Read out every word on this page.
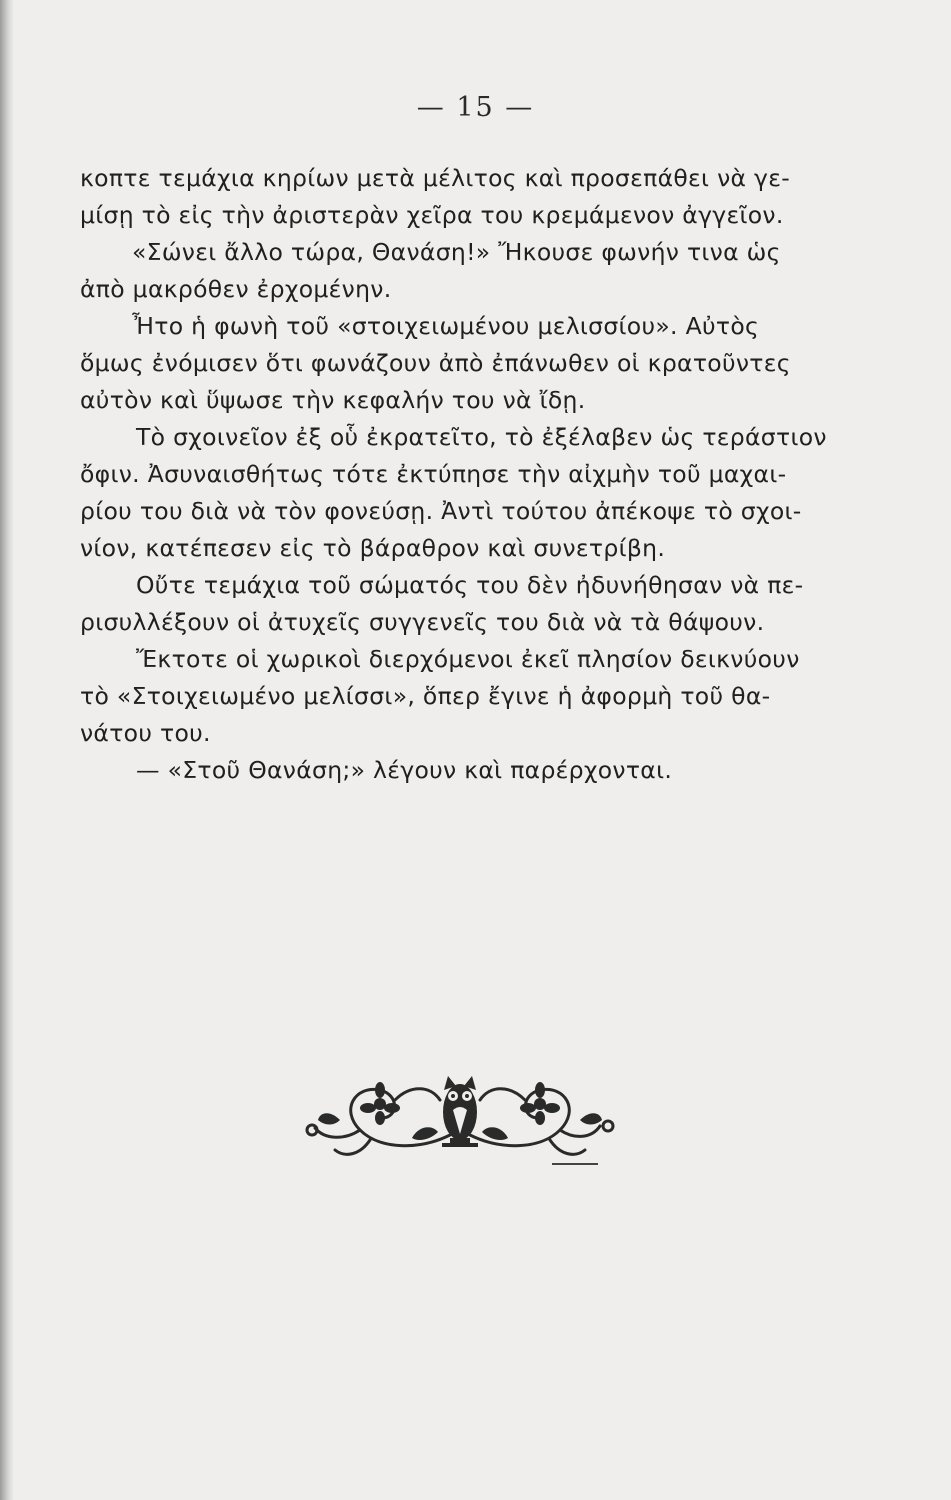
— 15 —
κοπτε τεμάχια κηρίων μετὰ μέλιτος καὶ προσεπάθει νὰ γε-
μίσῃ τὸ εἰς τὴν ἀριστερὰν χεῖρα του κρεμάμενον ἀγγεῖον.
«Σώνει ἄλλο τώρα, Θανάση!» Ἤκουσε φωνήν τινα ὡς
ἀπὸ μακρόθεν ἐρχομένην.
Ἦτο ἡ φωνὴ τοῦ «στοιχειωμένου μελισσίου». Αὐτὸς
ὅμως ἐνόμισεν ὅτι φωνάζουν ἀπὸ ἐπάνωθεν οἱ κρατοῦντες
αὐτὸν καὶ ὕψωσε τὴν κεφαλήν του νὰ ἴδῃ.
Τὸ σχοινεῖον ἐξ οὗ ἐκρατεῖτο, τὸ ἐξέλαβεν ὡς τεράστιον
ὄφιν. Ἀσυναισθήτως τότε ἐκτύπησε τὴν αἰχμὴν τοῦ μαχαι-
ρίου του διὰ νὰ τὸν φονεύσῃ. Ἀντὶ τούτου ἀπέκοψε τὸ σχοι-
νίον, κατέπεσεν εἰς τὸ βάραθρον καὶ συνετρίβη.
Οὔτε τεμάχια τοῦ σώματός του δὲν ἠδυνήθησαν νὰ πε-
ρισυλλέξουν οἱ ἀτυχεῖς συγγενεῖς του διὰ νὰ τὰ θάψουν.
Ἔκτοτε οἱ χωρικοὶ διερχόμενοι ἐκεῖ πλησίον δεικνύουν
τὸ «Στοιχειωμένο μελίσσι», ὅπερ ἔγινε ἡ ἀφορμὴ τοῦ θα-
νάτου του.
— «Στοῦ Θανάση;» λέγουν καὶ παρέρχονται.
